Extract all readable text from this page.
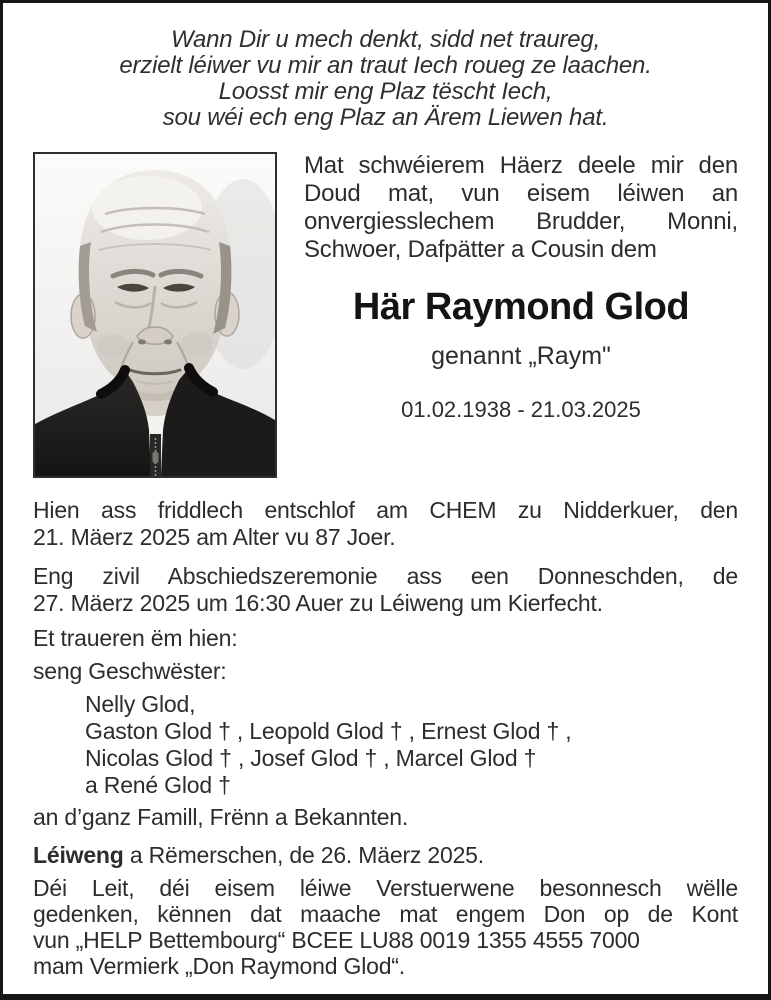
Wann Dir u mech denkt, sidd net traureg,
erzielt léiwer vu mir an traut Iech roueg ze laachen.
Loosst mir eng Plaz tëscht Iech,
sou wéi ech eng Plaz an Ärem Liewen hat.
Mat schwéierem Häerz deele mir den
Doud mat, vun eisem léiwen an
onvergiesslechem Brudder, Monni,
Schwoer, Dafpätter a Cousin dem
Här Raymond Glod
genannt „Raym"
01.02.1938 - 21.03.2025
Hien ass friddlech entschlof am CHEM zu Nidderkuer, den
21. Mäerz 2025 am Alter vu 87 Joer.
Eng zivil Abschiedszeremonie ass een Donneschden, de
27. Mäerz 2025 um 16:30 Auer zu Léiweng um Kierfecht.
Et traueren ëm hien:
seng Geschwëster:
Nelly Glod,
Gaston Glod † , Leopold Glod † , Ernest Glod † ,
Nicolas Glod † , Josef Glod † , Marcel Glod †
a René Glod †
an d’ganz Famill, Frënn a Bekannten.
Léiweng a Rëmerschen, de 26. Mäerz 2025.
Déi Leit, déi eisem léiwe Verstuerwene besonnesch wëlle
gedenken, kënnen dat maache mat engem Don op de Kont
vun „HELP Bettembourg“ BCEE LU88 0019 1355 4555 7000
mam Vermierk „Don Raymond Glod“.
